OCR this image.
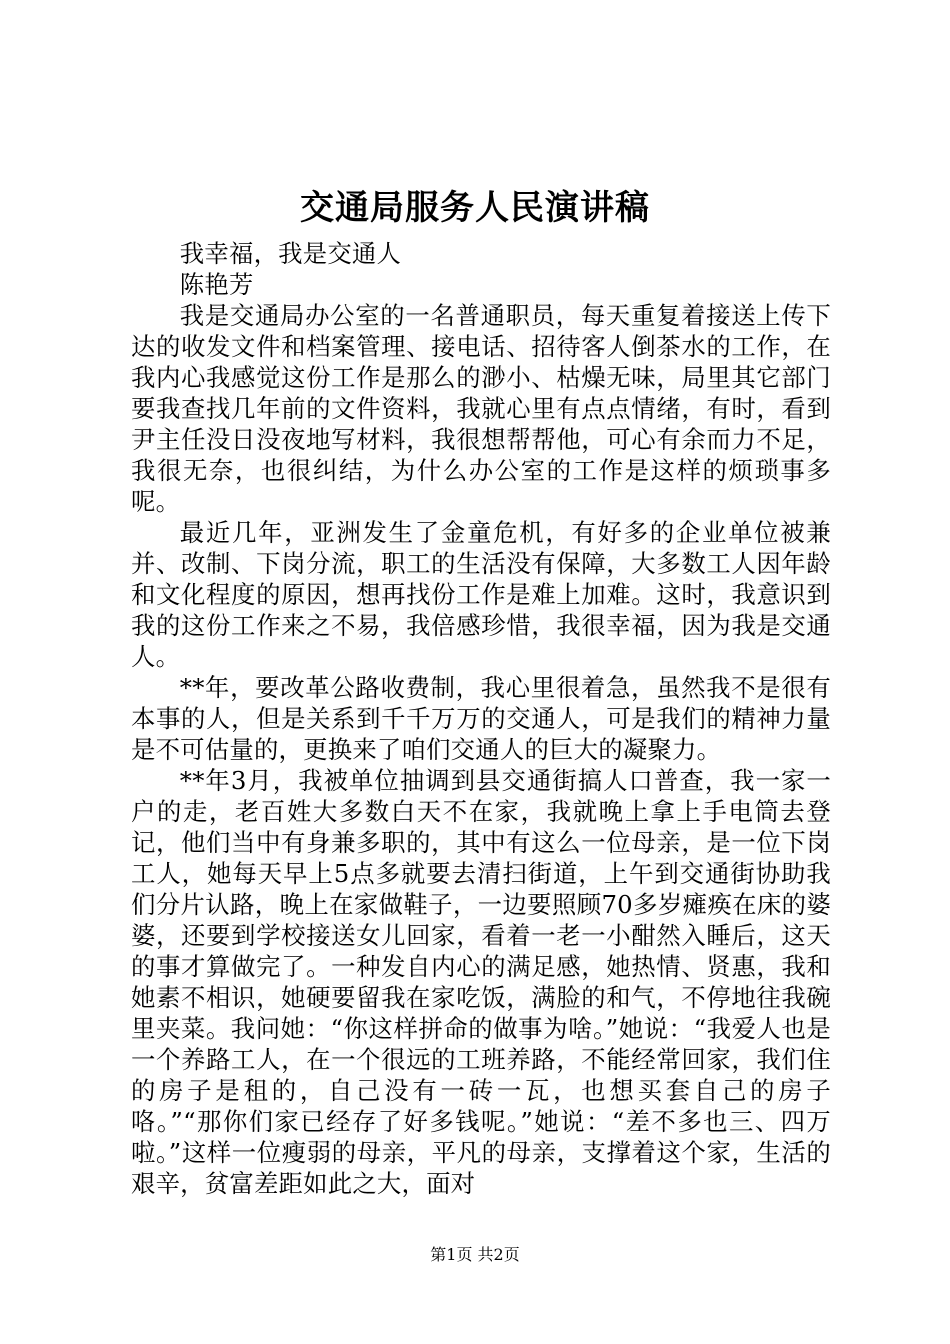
交通局服务人民演讲稿

我幸福，我是交通人

陈艳芳

我是交通局办公室的一名普通职员，每天重复着接送上传下达的收发文件和档案管理、接电话、招待客人倒茶水的工作，在我内心我感觉这份工作是那么的渺小、枯燥无味，局里其它部门要我查找几年前的文件资料，我就心里有点点情绪，有时，看到尹主任没日没夜地写材料，我很想帮帮他，可心有余而力不足，我很无奈，也很纠结，为什么办公室的工作是这样的烦琐事多呢。

最近几年，亚洲发生了金童危机，有好多的企业单位被兼并、改制、下岗分流，职工的生活没有保障，大多数工人因年龄和文化程度的原因，想再找份工作是难上加难。这时，我意识到我的这份工作来之不易，我倍感珍惜，我很幸福，因为我是交通人。

**年，要改革公路收费制，我心里很着急，虽然我不是很有本事的人，但是关系到千千万万的交通人，可是我们的精神力量是不可估量的，更换来了咱们交通人的巨大的凝聚力。

**年3月，我被单位抽调到县交通街搞人口普查，我一家一户的走，老百姓大多数白天不在家，我就晚上拿上手电筒去登记，他们当中有身兼多职的，其中有这么一位母亲，是一位下岗工人，她每天早上5点多就要去清扫街道，上午到交通街协助我们分片认路，晚上在家做鞋子，一边要照顾70多岁瘫痪在床的婆婆，还要到学校接送女儿回家，看着一老一小酣然入睡后，这天的事才算做完了。一种发自内心的满足感，她热情、贤惠，我和她素不相识，她硬要留我在家吃饭，满脸的和气，不停地往我碗里夹菜。我问她：“你这样拼命的做事为啥。”她说：“我爱人也是一个养路工人，在一个很远的工班养路，不能经常回家，我们住的房子是租的，自己没有一砖一瓦，也想买套自己的房子咯。”“那你们家已经存了好多钱呢。”她说：“差不多也三、四万啦。”这样一位瘦弱的母亲，平凡的母亲，支撑着这个家，生活的艰辛，贫富差距如此之大，面对

第1页 共2页
